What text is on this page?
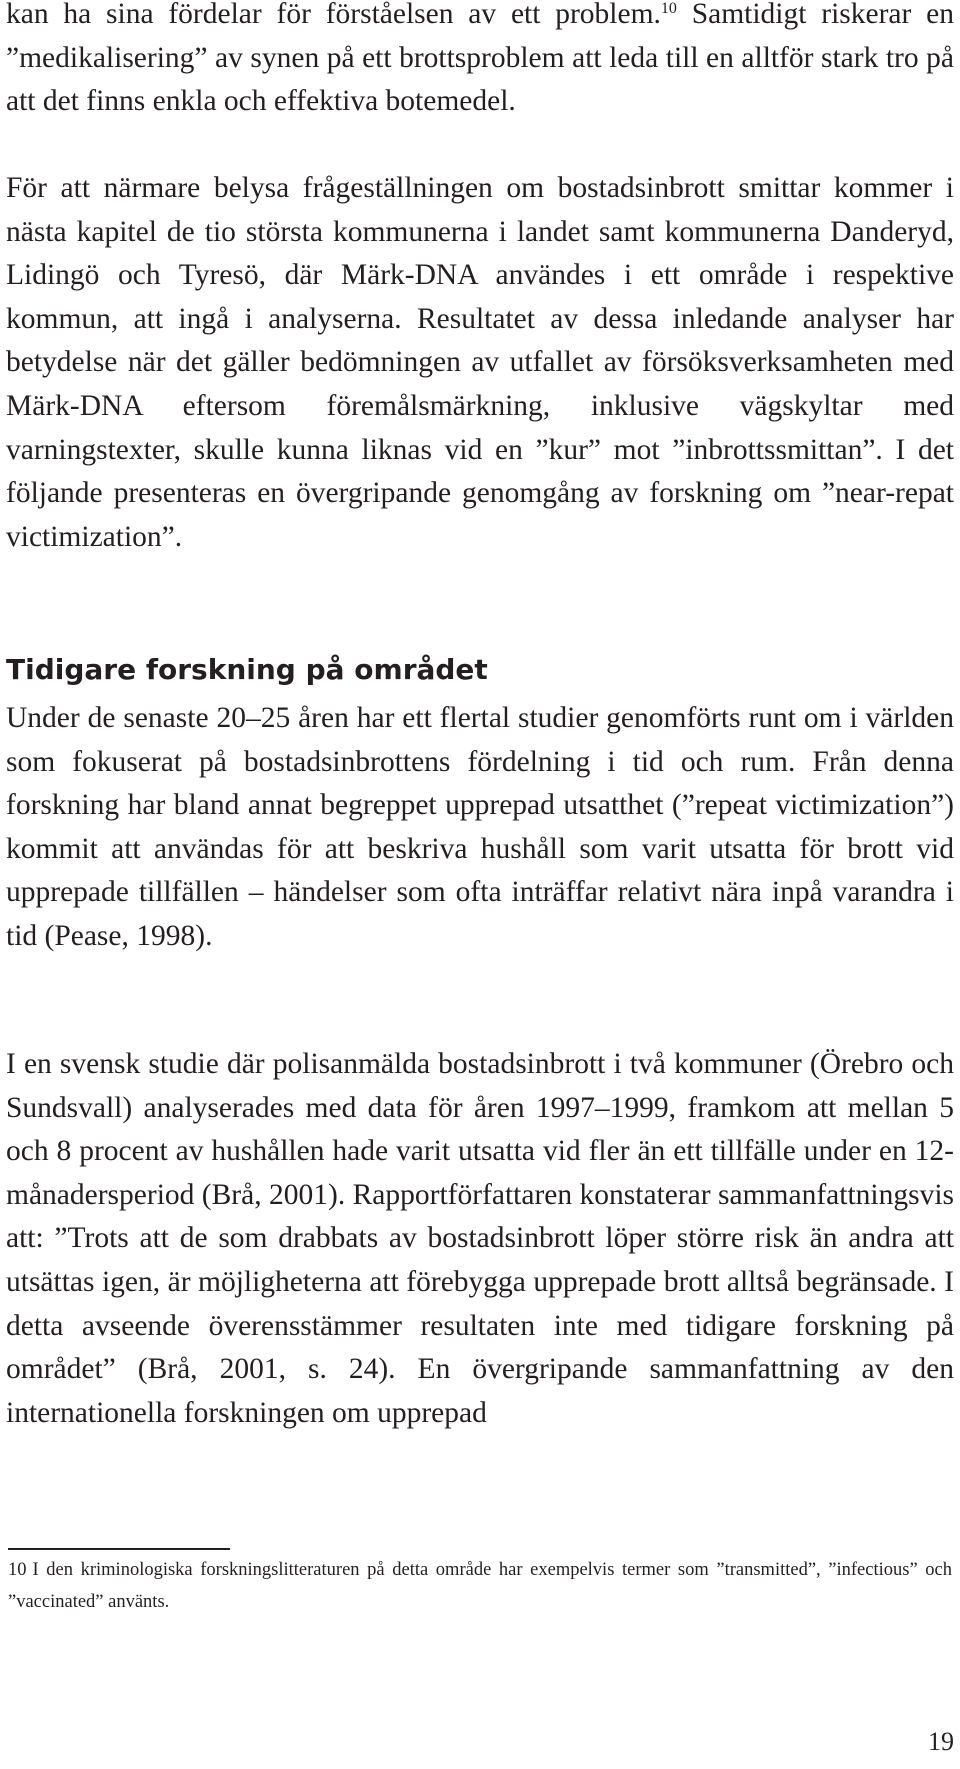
kan ha sina fördelar för förståelsen av ett problem.$^{10}$ Samtidigt riskerar en ”medikalisering” av synen på ett brottsproblem att leda till en alltför stark tro på att det finns enkla och effektiva botemedel.

För att närmare belysa frågeställningen om bostadsinbrott smittar kommer i nästa kapitel de tio största kommunerna i landet samt kommunerna Danderyd, Lidingö och Tyresö, där Märk-DNA användes i ett område i respektive kommun, att ingå i analyserna. Resultatet av dessa inledande analyser har betydelse när det gäller bedömningen av utfallet av försöksverksamheten med Märk-DNA eftersom föremålsmärkning, inklusive vägskyltar med varningstexter, skulle kunna liknas vid en ”kur” mot ”inbrottssmittan”. I det följande presenteras en övergripande genomgång av forskning om ”near-repat victimization”.

Tidigare forskning på området

Under de senaste 20–25 åren har ett flertal studier genomförts runt om i världen som fokuserat på bostadsinbrottens fördelning i tid och rum. Från denna forskning har bland annat begreppet upprepad utsatthet (”repeat victimization”) kommit att användas för att beskriva hushåll som varit utsatta för brott vid upprepade tillfällen – händelser som ofta inträffar relativt nära inpå varandra i tid (Pease, 1998).

I en svensk studie där polisanmälda bostadsinbrott i två kommuner (Örebro och Sundsvall) analyserades med data för åren 1997–1999, framkom att mellan 5 och 8 procent av hushållen hade varit utsatta vid fler än ett tillfälle under en 12-månadersperiod (Brå, 2001). Rapportförfattaren konstaterar sammanfattningsvis att: ”Trots att de som drabbats av bostadsinbrott löper större risk än andra att utsättas igen, är möjligheterna att förebygga upprepade brott alltså begränsade. I detta avseende överensstämmer resultaten inte med tidigare forskning på området” (Brå, 2001, s. 24). En övergripande sammanfattning av den internationella forskningen om upprepad

10 I den kriminologiska forskningslitteraturen på detta område har exempelvis termer som ”transmitted”, ”infectious” och ”vaccinated” använts.

19
